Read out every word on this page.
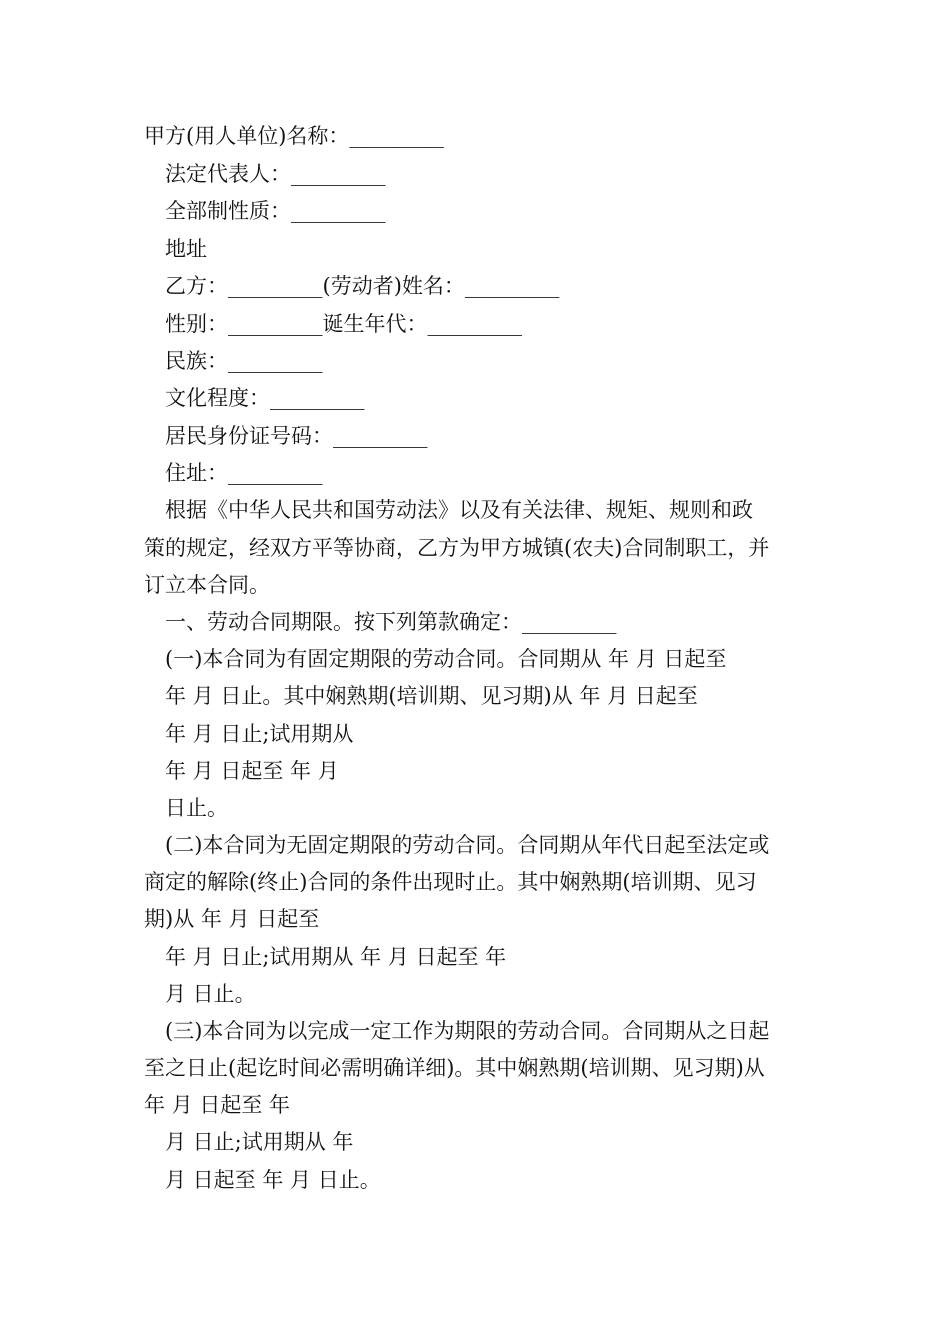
甲方(用人单位)名称：_________
法定代表人：_________
全部制性质：_________
地址
乙方：_________(劳动者)姓名：_________
性别：_________诞生年代：_________
民族：_________
文化程度：_________
居民身份证号码：_________
住址：_________
根据《中华人民共和国劳动法》以及有关法律、规矩、规则和政
策的规定，经双方平等协商，乙方为甲方城镇(农夫)合同制职工，并
订立本合同。
一、劳动合同期限。按下列第款确定：_________
(一)本合同为有固定期限的劳动合同。合同期从 年 月 日起至
年 月 日止。其中娴熟期(培训期、见习期)从 年 月 日起至
年 月 日止;试用期从
年 月 日起至 年 月
日止。
(二)本合同为无固定期限的劳动合同。合同期从年代日起至法定或
商定的解除(终止)合同的条件出现时止。其中娴熟期(培训期、见习
期)从 年 月 日起至
年 月 日止;试用期从 年 月 日起至 年
月 日止。
(三)本合同为以完成一定工作为期限的劳动合同。合同期从之日起
至之日止(起讫时间必需明确详细)。其中娴熟期(培训期、见习期)从
年 月 日起至 年
月 日止;试用期从 年
月 日起至 年 月 日止。
